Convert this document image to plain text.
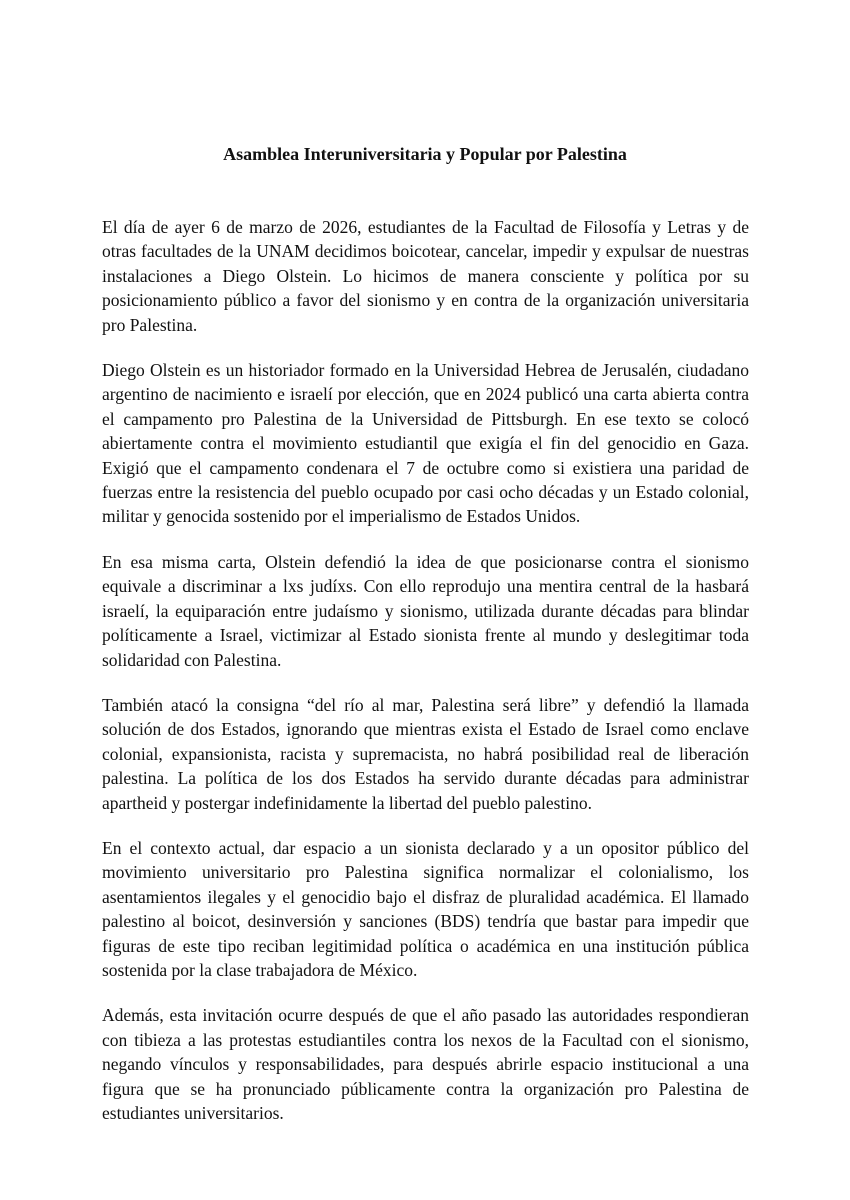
Asamblea Interuniversitaria y Popular por Palestina

El día de ayer 6 de marzo de 2026, estudiantes de la Facultad de Filosofía y Letras y de otras facultades de la UNAM decidimos boicotear, cancelar, impedir y expulsar de nuestras instalaciones a Diego Olstein. Lo hicimos de manera consciente y política por su posicionamiento público a favor del sionismo y en contra de la organización universitaria pro Palestina.

Diego Olstein es un historiador formado en la Universidad Hebrea de Jerusalén, ciudadano argentino de nacimiento e israelí por elección, que en 2024 publicó una carta abierta contra el campamento pro Palestina de la Universidad de Pittsburgh. En ese texto se colocó abiertamente contra el movimiento estudiantil que exigía el fin del genocidio en Gaza. Exigió que el campamento condenara el 7 de octubre como si existiera una paridad de fuerzas entre la resistencia del pueblo ocupado por casi ocho décadas y un Estado colonial, militar y genocida sostenido por el imperialismo de Estados Unidos.

En esa misma carta, Olstein defendió la idea de que posicionarse contra el sionismo equivale a discriminar a lxs judíxs. Con ello reprodujo una mentira central de la hasbará israelí, la equiparación entre judaísmo y sionismo, utilizada durante décadas para blindar políticamente a Israel, victimizar al Estado sionista frente al mundo y deslegitimar toda solidaridad con Palestina.

También atacó la consigna “del río al mar, Palestina será libre” y defendió la llamada solución de dos Estados, ignorando que mientras exista el Estado de Israel como enclave colonial, expansionista, racista y supremacista, no habrá posibilidad real de liberación palestina. La política de los dos Estados ha servido durante décadas para administrar apartheid y postergar indefinidamente la libertad del pueblo palestino.

En el contexto actual, dar espacio a un sionista declarado y a un opositor público del movimiento universitario pro Palestina significa normalizar el colonialismo, los asentamientos ilegales y el genocidio bajo el disfraz de pluralidad académica. El llamado palestino al boicot, desinversión y sanciones (BDS) tendría que bastar para impedir que figuras de este tipo reciban legitimidad política o académica en una institución pública sostenida por la clase trabajadora de México.

Además, esta invitación ocurre después de que el año pasado las autoridades respondieran con tibieza a las protestas estudiantiles contra los nexos de la Facultad con el sionismo, negando vínculos y responsabilidades, para después abrirle espacio institucional a una figura que se ha pronunciado públicamente contra la organización pro Palestina de estudiantes universitarios.
